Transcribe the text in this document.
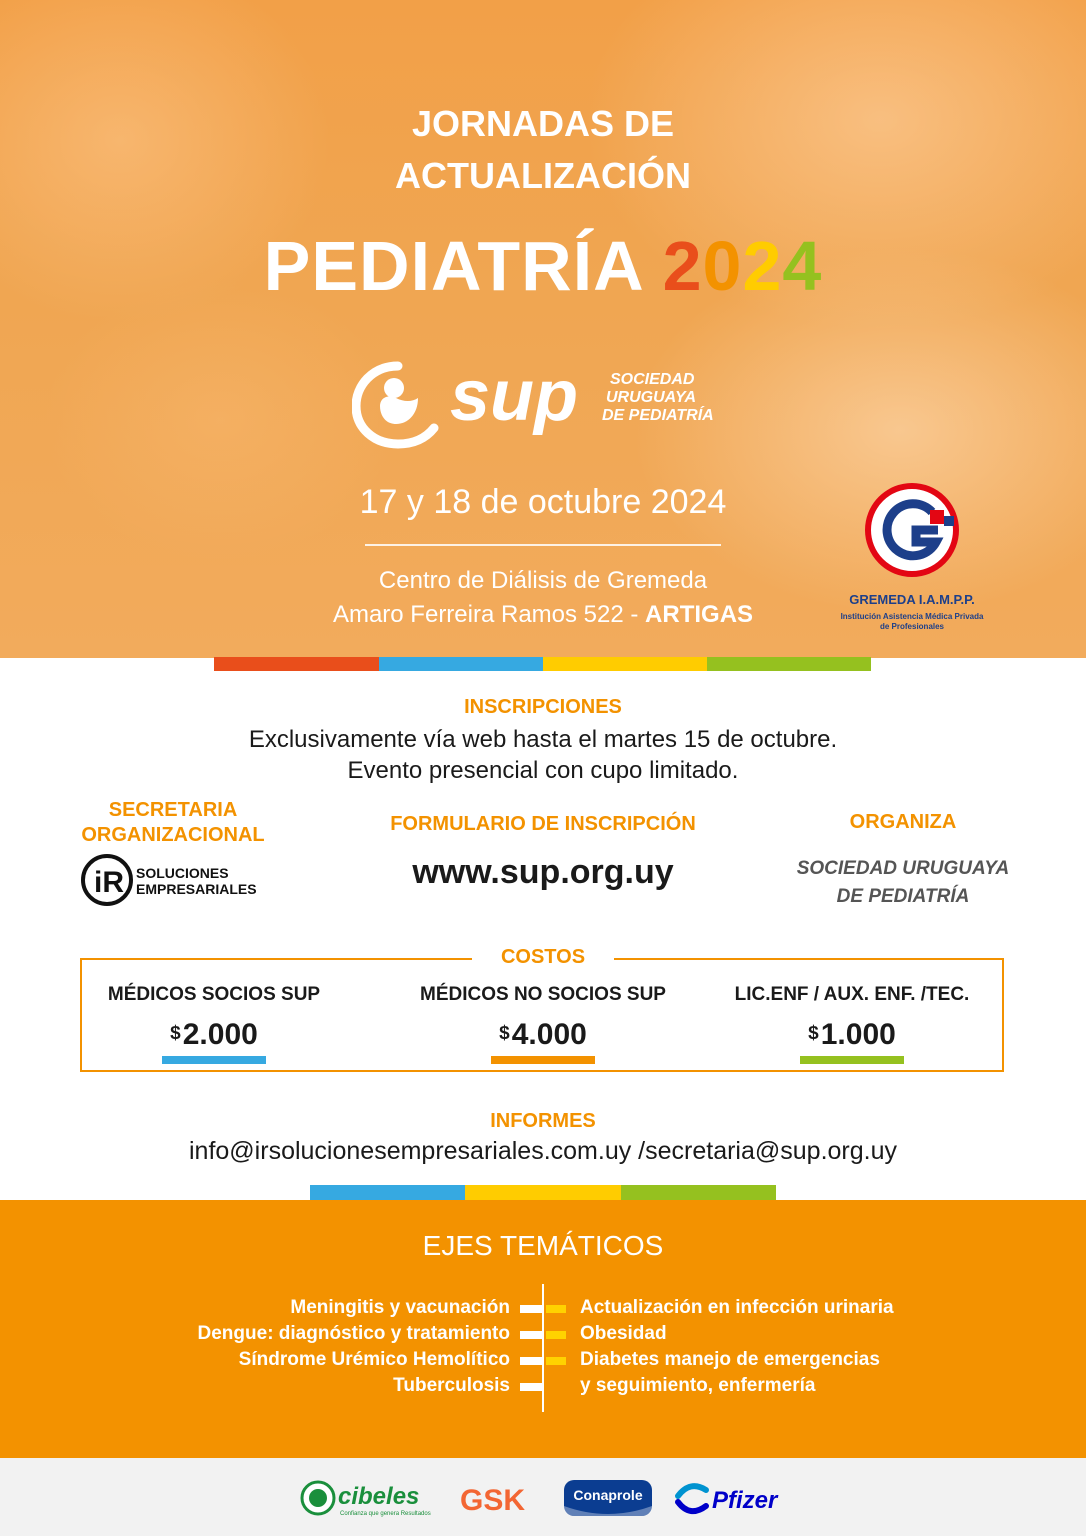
JORNADAS DE
ACTUALIZACIÓN
PEDIATRÍA 2024
sup SOCIEDAD
URUGUAYA
DE PEDIATRÍA
17 y 18 de octubre 2024
Centro de Diálisis de Gremeda
Amaro Ferreira Ramos 522 - ARTIGAS
GREMEDA I.A.M.P.P.
Institución Asistencia Médica Privada
de Profesionales
INSCRIPCIONES
Exclusivamente vía web hasta el martes 15 de octubre.
Evento presencial con cupo limitado.
SECRETARIA
ORGANIZACIONAL
iR SOLUCIONES
EMPRESARIALES
FORMULARIO DE INSCRIPCIÓN
www.sup.org.uy
ORGANIZA
SOCIEDAD URUGUAYA
DE PEDIATRÍA
COSTOS
MÉDICOS SOCIOS SUP
$2.000
MÉDICOS NO SOCIOS SUP
$4.000
LIC.ENF / AUX. ENF. /TEC.
$1.000
INFORMES
info@irsolucionesempresariales.com.uy /secretaria@sup.org.uy
EJES TEMÁTICOS
Meningitis y vacunación
Dengue: diagnóstico y tratamiento
Síndrome Urémico Hemolítico
Tuberculosis
Actualización en infección urinaria
Obesidad
Diabetes manejo de emergencias
y seguimiento, enfermería
cibeles
Confianza que genera Resultados GSK	Conaprole	Pfizer
